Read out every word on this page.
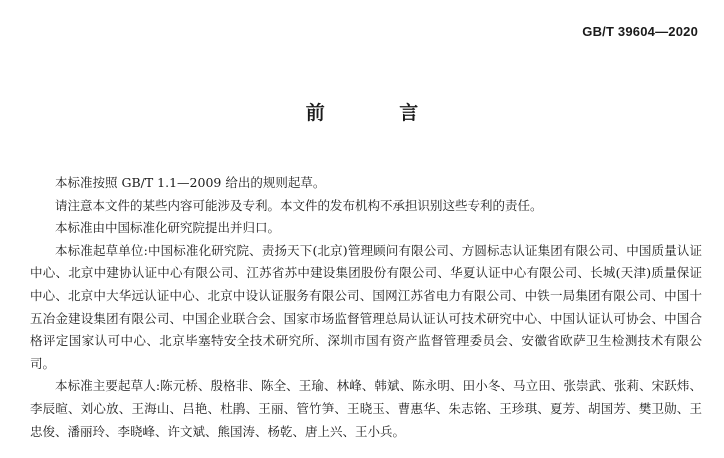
GB/T 39604—2020
前 言

本标准按照 GB/T 1.1—2009 给出的规则起草。

请注意本文件的某些内容可能涉及专利。本文件的发布机构不承担识别这些专利的责任。

本标准由中国标准化研究院提出并归口。

本标准起草单位:中国标准化研究院、责扬天下(北京)管理顾问有限公司、方圆标志认证集团有限公司、中国质量认证中心、北京中建协认证中心有限公司、江苏省苏中建设集团股份有限公司、华夏认证中心有限公司、长城(天津)质量保证中心、北京中大华远认证中心、北京中设认证服务有限公司、国网江苏省电力有限公司、中铁一局集团有限公司、中国十五冶金建设集团有限公司、中国企业联合会、国家市场监督管理总局认证认可技术研究中心、中国认证认可协会、中国合格评定国家认可中心、北京毕塞特安全技术研究所、深圳市国有资产监督管理委员会、安徽省欧萨卫生检测技术有限公司。

本标准主要起草人:陈元桥、殷格非、陈全、王瑜、林峰、韩斌、陈永明、田小冬、马立田、张崇武、张莉、宋跃炜、李辰暄、刘心放、王海山、吕艳、杜鹃、王丽、管竹笋、王晓玉、曹惠华、朱志铭、王珍琪、夏芳、胡国芳、樊卫勋、王忠俊、潘丽玲、李晓峰、许文斌、熊国涛、杨乾、唐上兴、王小兵。
